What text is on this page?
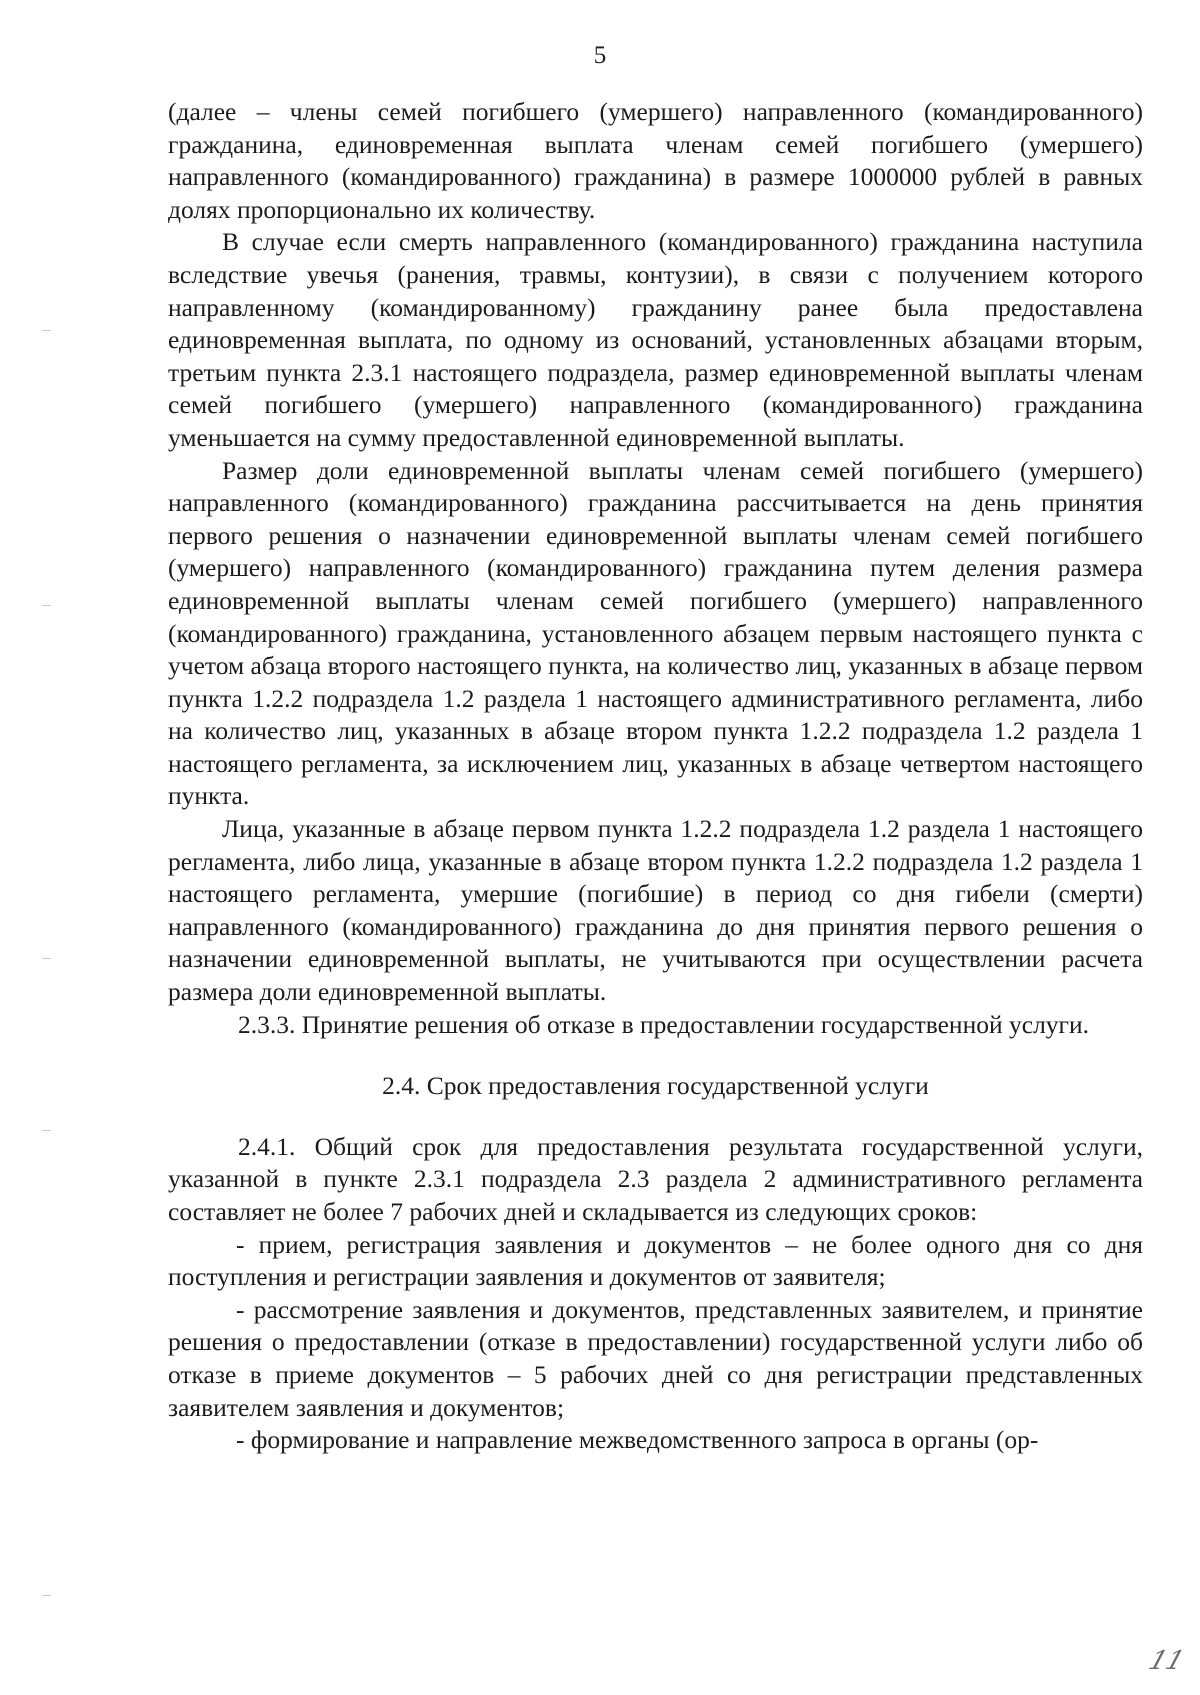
5

(далее – члены семей погибшего (умершего) направленного (командированного) гражданина, единовременная выплата членам семей погибшего (умершего) направленного (командированного) гражданина) в размере 1000000 рублей в равных долях пропорционально их количеству.

В случае если смерть направленного (командированного) гражданина наступила вследствие увечья (ранения, травмы, контузии), в связи с получением которого направленному (командированному) гражданину ранее была предоставлена единовременная выплата, по одному из оснований, установленных абзацами вторым, третьим пункта 2.3.1 настоящего подраздела, размер единовременной выплаты членам семей погибшего (умершего) направленного (командированного) гражданина уменьшается на сумму предоставленной единовременной выплаты.

Размер доли единовременной выплаты членам семей погибшего (умершего) направленного (командированного) гражданина рассчитывается на день принятия первого решения о назначении единовременной выплаты членам семей погибшего (умершего) направленного (командированного) гражданина путем деления размера единовременной выплаты членам семей погибшего (умершего) направленного (командированного) гражданина, установленного абзацем первым настоящего пункта с учетом абзаца второго настоящего пункта, на количество лиц, указанных в абзаце первом пункта 1.2.2 подраздела 1.2 раздела 1 настоящего административного регламента, либо на количество лиц, указанных в абзаце втором пункта 1.2.2 подраздела 1.2 раздела 1 настоящего регламента, за исключением лиц, указанных в абзаце четвертом настоящего пункта.

Лица, указанные в абзаце первом пункта 1.2.2 подраздела 1.2 раздела 1 настоящего регламента, либо лица, указанные в абзаце втором пункта 1.2.2 подраздела 1.2 раздела 1 настоящего регламента, умершие (погибшие) в период со дня гибели (смерти) направленного (командированного) гражданина до дня принятия первого решения о назначении единовременной выплаты, не учитываются при осуществлении расчета размера доли единовременной выплаты.

2.3.3. Принятие решения об отказе в предоставлении государственной услуги.

2.4. Срок предоставления государственной услуги

2.4.1. Общий срок для предоставления результата государственной услуги, указанной в пункте 2.3.1 подраздела 2.3 раздела 2 административного регламента составляет не более 7 рабочих дней и складывается из следующих сроков:

- прием, регистрация заявления и документов – не более одного дня со дня поступления и регистрации заявления и документов от заявителя;

- рассмотрение заявления и документов, представленных заявителем, и принятие решения о предоставлении (отказе в предоставлении) государственной услуги либо об отказе в приеме документов – 5 рабочих дней со дня регистрации представленных заявителем заявления и документов;

- формирование и направление межведомственного запроса в органы (ор-

11
